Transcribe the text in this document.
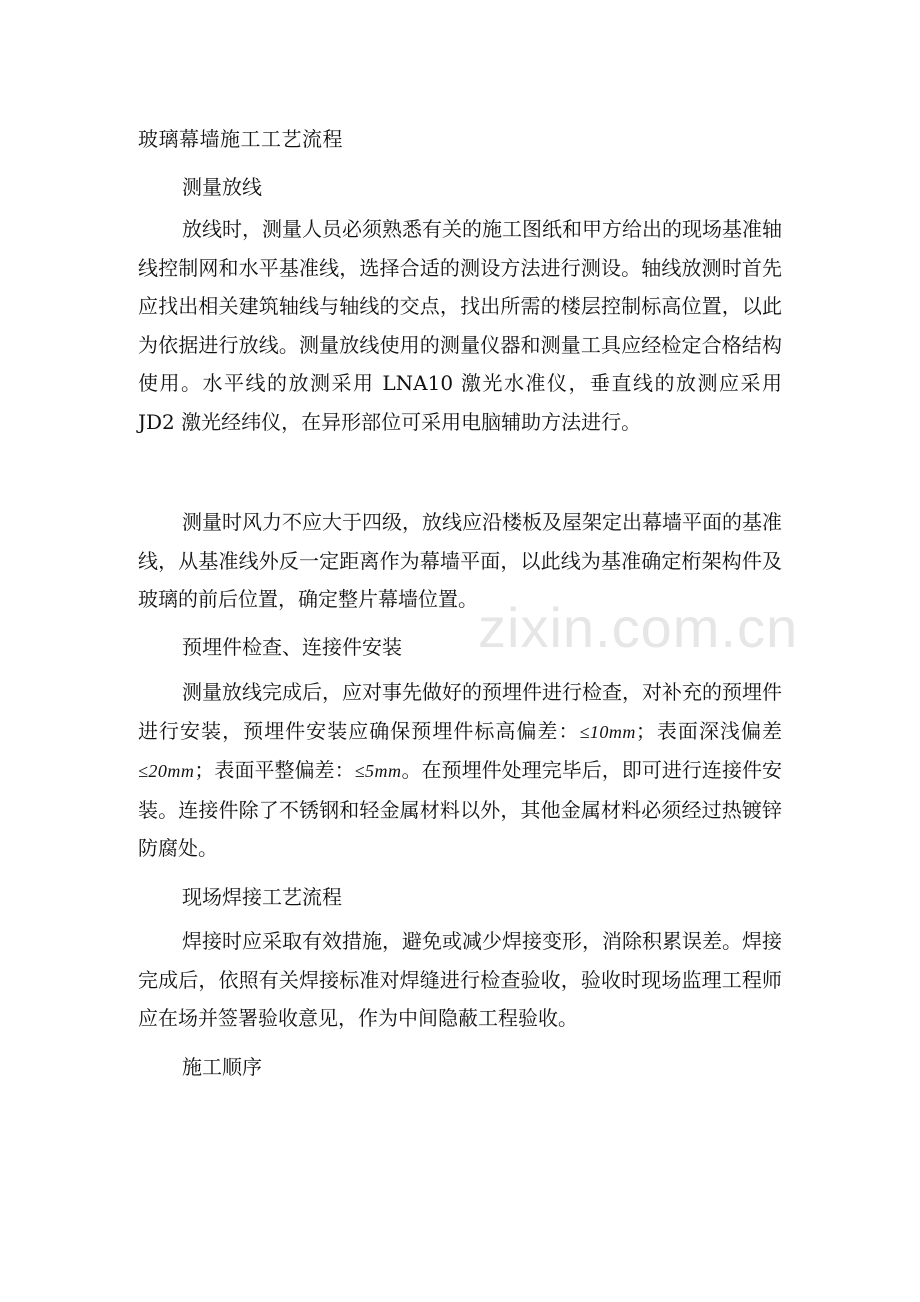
zixin.com.cn
玻璃幕墙施工工艺流程
测量放线
放线时，测量人员必须熟悉有关的施工图纸和甲方给出的现场基准轴线控制网和水平基准线，选择合适的测设方法进行测设。轴线放测时首先应找出相关建筑轴线与轴线的交点，找出所需的楼层控制标高位置，以此为依据进行放线。测量放线使用的测量仪器和测量工具应经检定合格结构使用。水平线的放测采用 LNA10 激光水准仪，垂直线的放测应采用 JD2 激光经纬仪，在异形部位可采用电脑辅助方法进行。
测量时风力不应大于四级，放线应沿楼板及屋架定出幕墙平面的基准线，从基准线外反一定距离作为幕墙平面，以此线为基准确定桁架构件及玻璃的前后位置，确定整片幕墙位置。
预埋件检查、连接件安装
测量放线完成后，应对事先做好的预埋件进行检查，对补充的预埋件进行安装，预埋件安装应确保预埋件标高偏差：≤10mm；表面深浅偏差≤20mm；表面平整偏差：≤5mm。在预埋件处理完毕后，即可进行连接件安装。连接件除了不锈钢和轻金属材料以外，其他金属材料必须经过热镀锌防腐处。
现场焊接工艺流程
焊接时应采取有效措施，避免或减少焊接变形，消除积累误差。焊接完成后，依照有关焊接标准对焊缝进行检查验收，验收时现场监理工程师应在场并签署验收意见，作为中间隐蔽工程验收。
施工顺序
